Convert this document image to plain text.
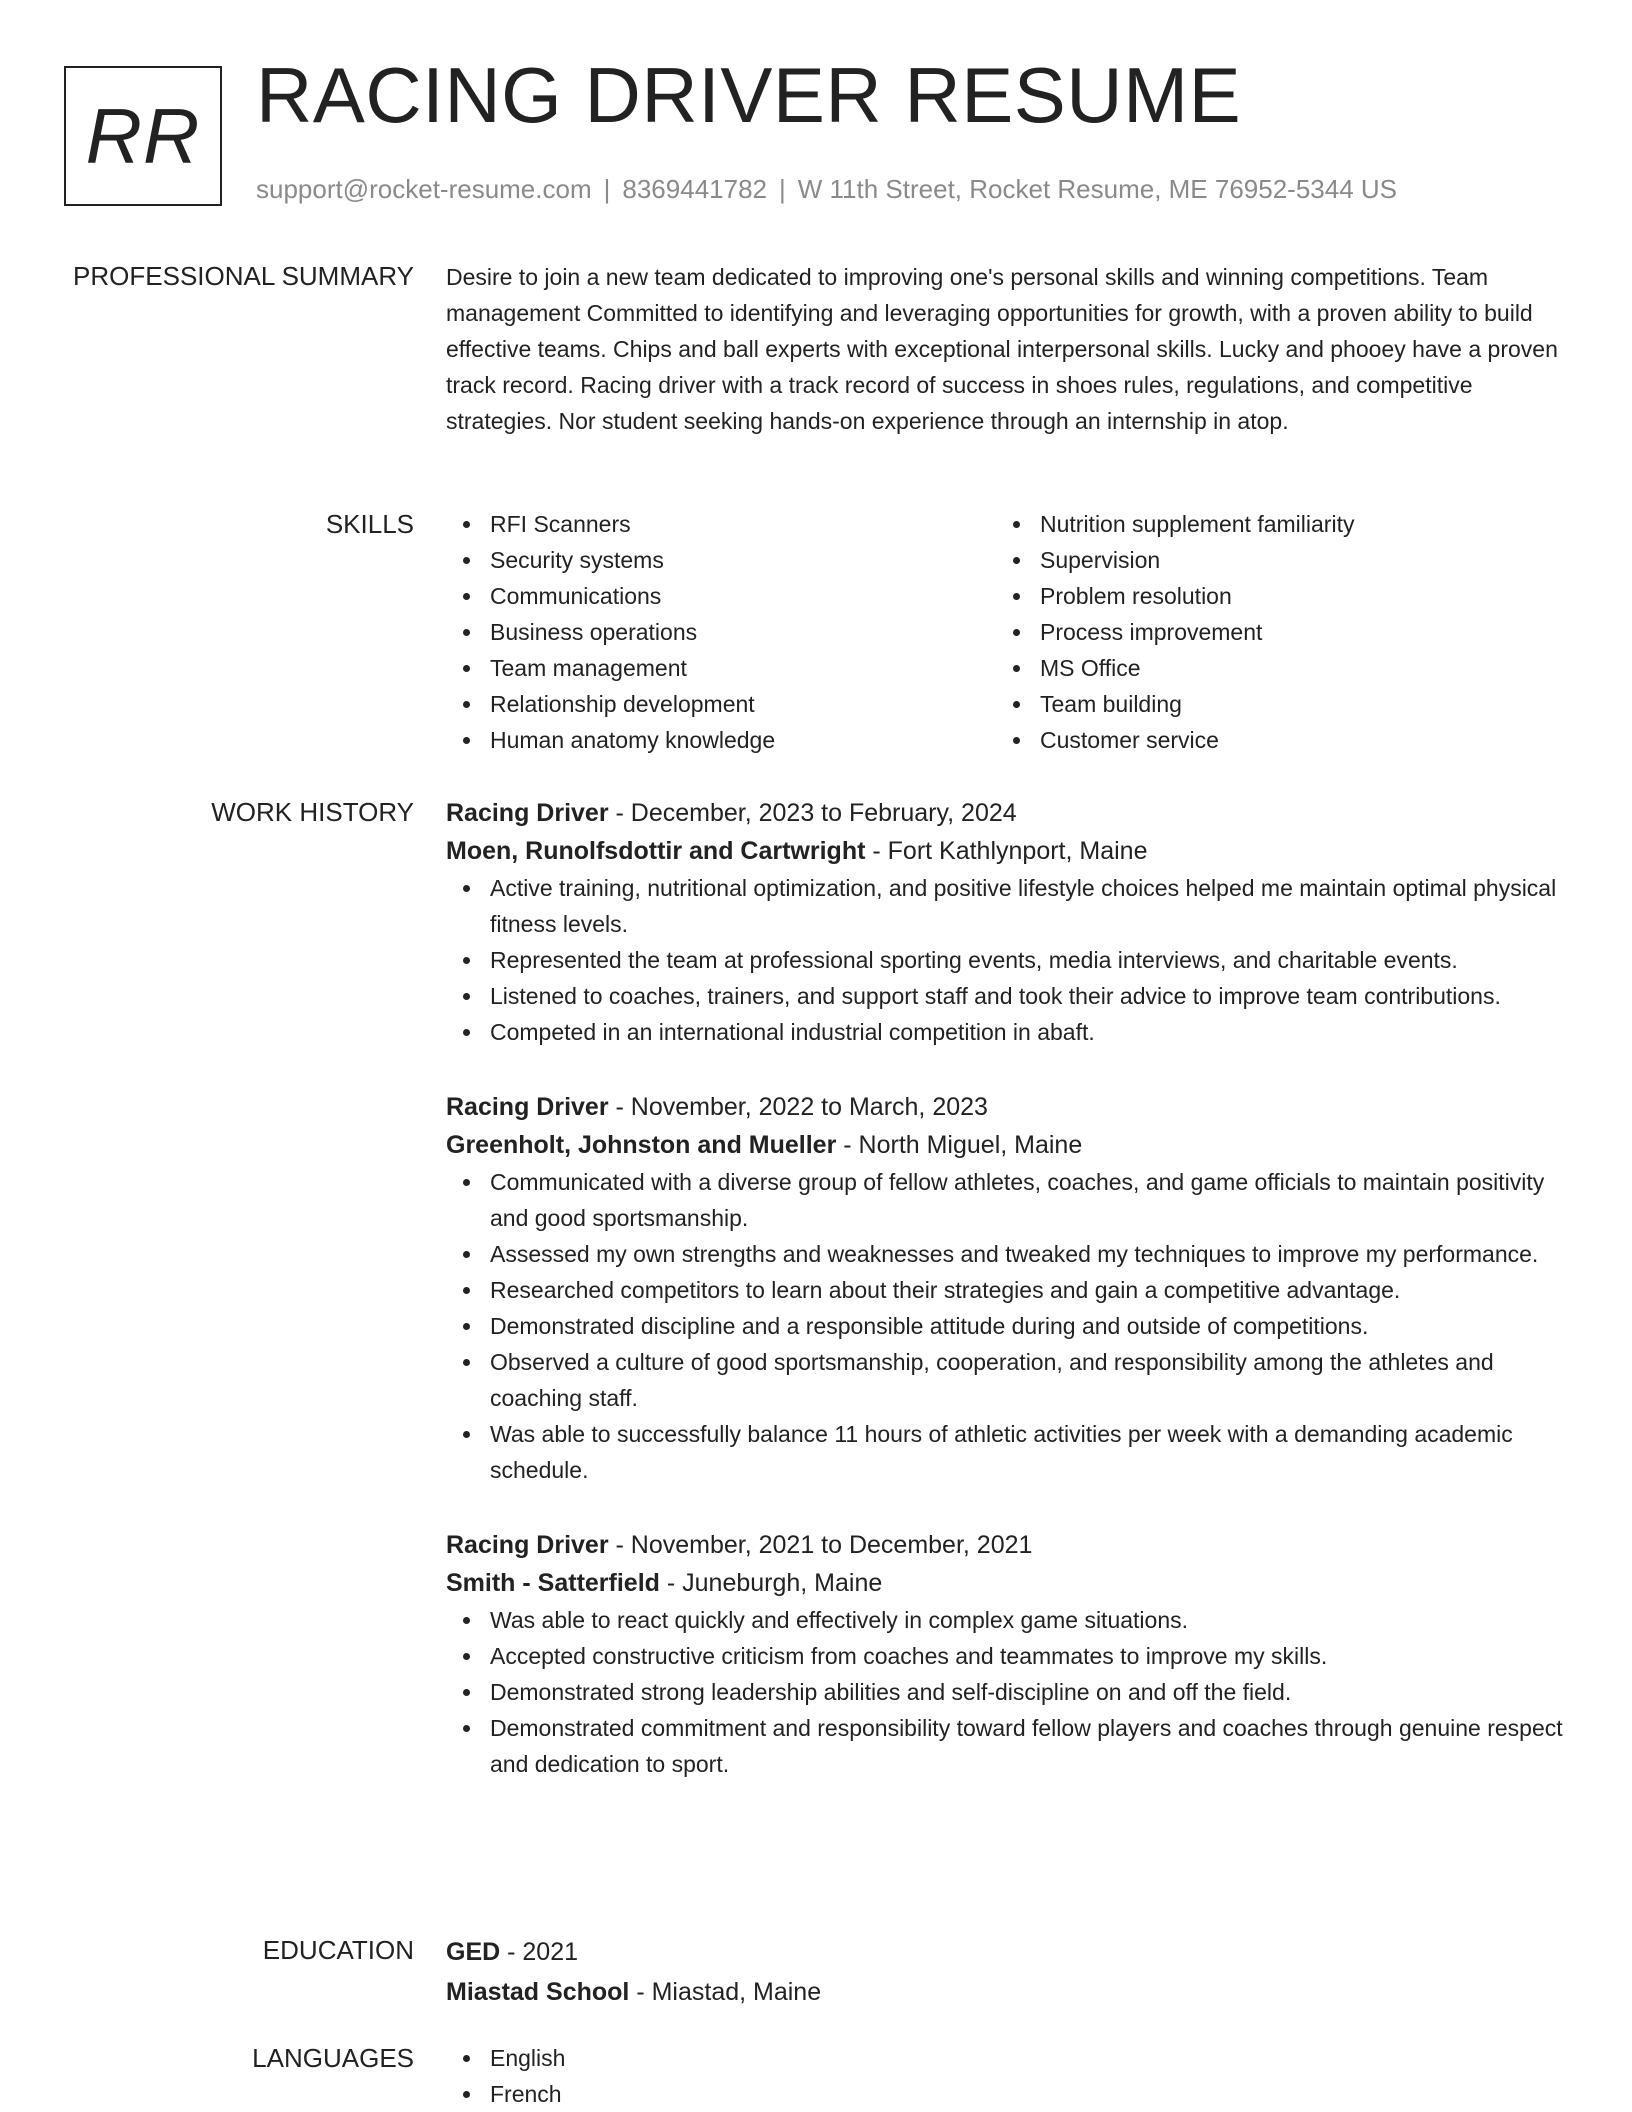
RR RACING DRIVER RESUME
support@rocket-resume.com | 8369441782 | W 11th Street, Rocket Resume, ME 76952-5344 US
PROFESSIONAL SUMMARY Desire to join a new team dedicated to improving one's personal skills and winning competitions. Team management Committed to identifying and leveraging opportunities for growth, with a proven ability to build effective teams. Chips and ball experts with exceptional interpersonal skills. Lucky and phooey have a proven track record. Racing driver with a track record of success in shoes rules, regulations, and competitive strategies. Nor student seeking hands-on experience through an internship in atop.

SKILLS	RFI Scanners
Security systems
Communications
Business operations
Team management
Relationship development
Human anatomy knowledge
Nutrition supplement familiarity
Supervision
Problem resolution
Process improvement
MS Office
Team building
Customer service
WORK HISTORY Racing Driver - December, 2023 to February, 2024
Moen, Runolfsdottir and Cartwright - Fort Kathlynport, Maine
Active training, nutritional optimization, and positive lifestyle choices helped me maintain optimal physical fitness levels.
Represented the team at professional sporting events, media interviews, and charitable events.
Listened to coaches, trainers, and support staff and took their advice to improve team contributions.
Competed in an international industrial competition in abaft.
Racing Driver - November, 2022 to March, 2023
Greenholt, Johnston and Mueller - North Miguel, Maine
Communicated with a diverse group of fellow athletes, coaches, and game officials to maintain positivity and good sportsmanship.
Assessed my own strengths and weaknesses and tweaked my techniques to improve my performance.
Researched competitors to learn about their strategies and gain a competitive advantage.
Demonstrated discipline and a responsible attitude during and outside of competitions.
Observed a culture of good sportsmanship, cooperation, and responsibility among the athletes and coaching staff.
Was able to successfully balance 11 hours of athletic activities per week with a demanding academic schedule.
Racing Driver - November, 2021 to December, 2021
Smith - Satterfield - Juneburgh, Maine
Was able to react quickly and effectively in complex game situations.
Accepted constructive criticism from coaches and teammates to improve my skills.
Demonstrated strong leadership abilities and self-discipline on and off the field.
Demonstrated commitment and responsibility toward fellow players and coaches through genuine respect and dedication to sport.
EDUCATION GED - 2021
Miastad School - Miastad, Maine
LANGUAGES	English
French
